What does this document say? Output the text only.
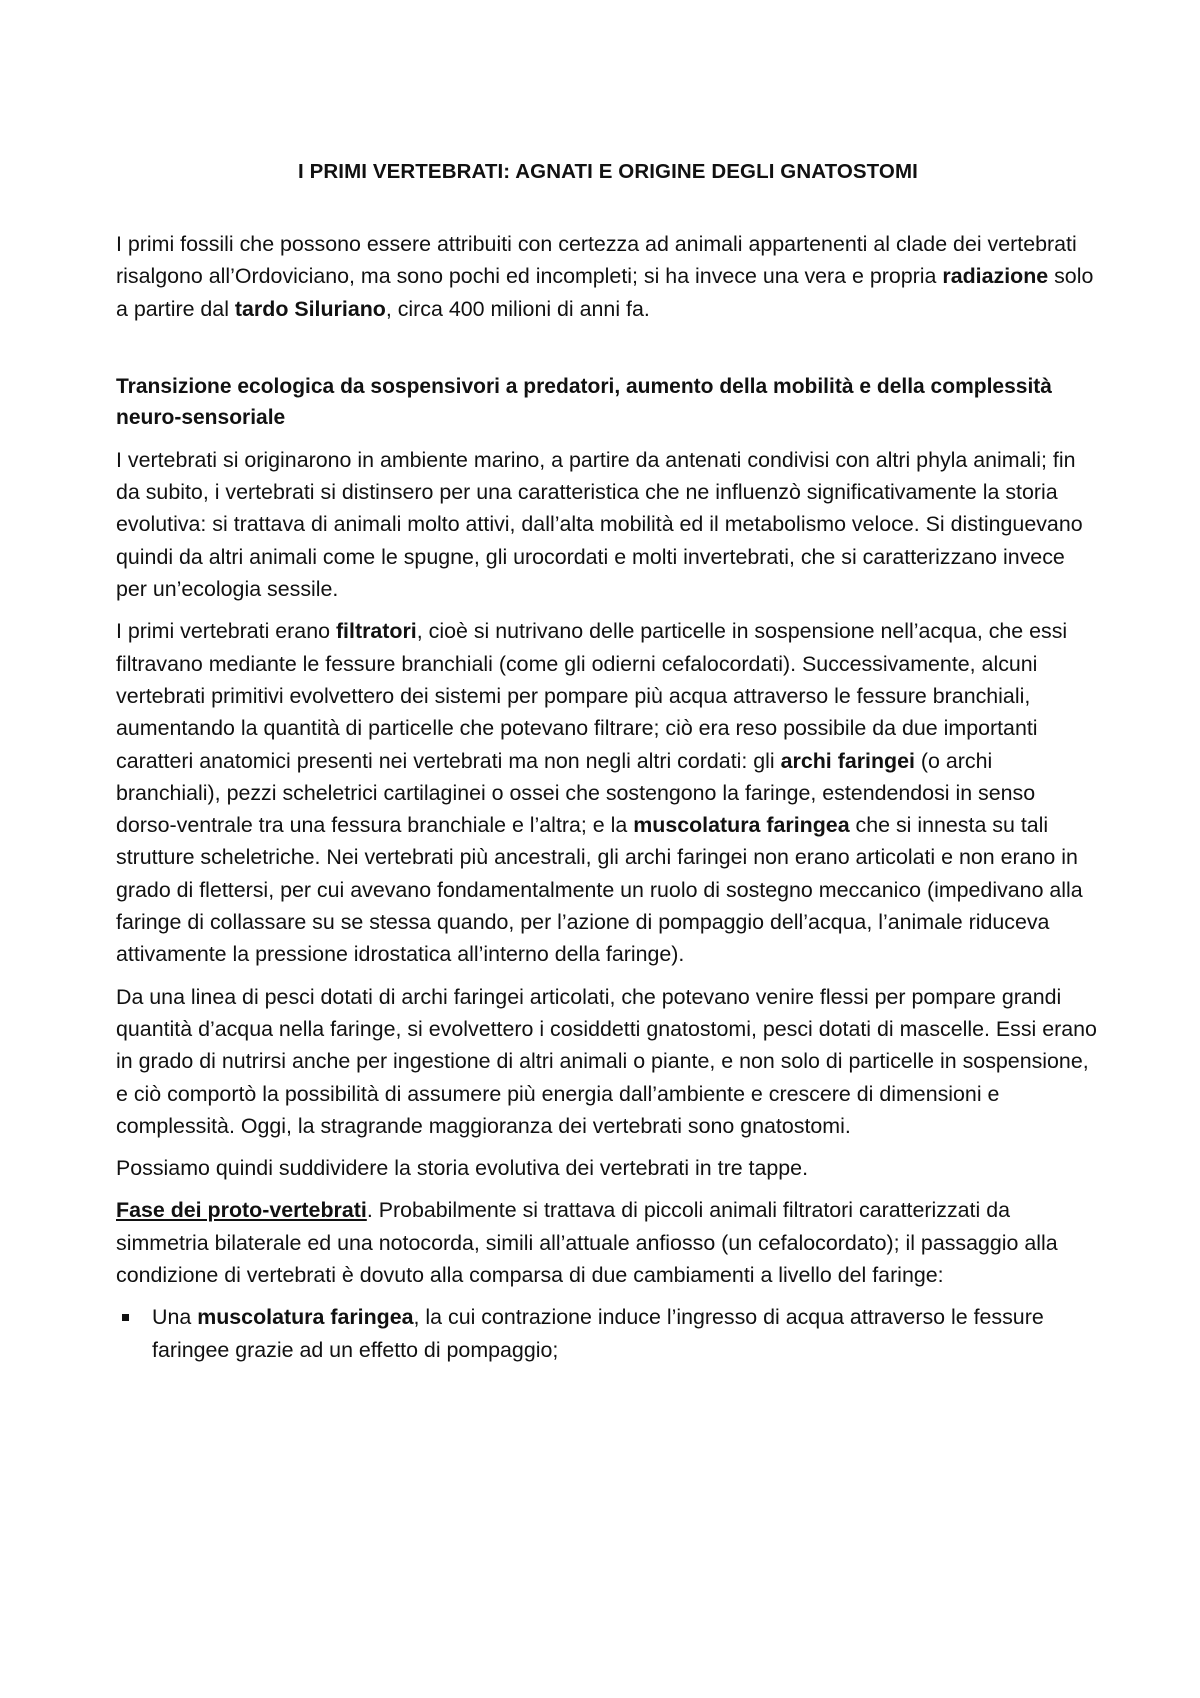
I PRIMI VERTEBRATI: AGNATI E ORIGINE DEGLI GNATOSTOMI

I primi fossili che possono essere attribuiti con certezza ad animali appartenenti al clade dei vertebrati risalgono all’Ordoviciano, ma sono pochi ed incompleti; si ha invece una vera e propria radiazione solo a partire dal tardo Siluriano, circa 400 milioni di anni fa.

Transizione ecologica da sospensivori a predatori, aumento della mobilità e della complessità neuro-sensoriale

I vertebrati si originarono in ambiente marino, a partire da antenati condivisi con altri phyla animali; fin da subito, i vertebrati si distinsero per una caratteristica che ne influenzò significativamente la storia evolutiva: si trattava di animali molto attivi, dall’alta mobilità ed il metabolismo veloce. Si distinguevano quindi da altri animali come le spugne, gli urocordati e molti invertebrati, che si caratterizzano invece per un’ecologia sessile.

I primi vertebrati erano filtratori, cioè si nutrivano delle particelle in sospensione nell’acqua, che essi filtravano mediante le fessure branchiali (come gli odierni cefalocordati). Successivamente, alcuni vertebrati primitivi evolvettero dei sistemi per pompare più acqua attraverso le fessure branchiali, aumentando la quantità di particelle che potevano filtrare; ciò era reso possibile da due importanti caratteri anatomici presenti nei vertebrati ma non negli altri cordati: gli archi faringei (o archi branchiali), pezzi scheletrici cartilaginei o ossei che sostengono la faringe, estendendosi in senso dorso-ventrale tra una fessura branchiale e l’altra; e la muscolatura faringea che si innesta su tali strutture scheletriche. Nei vertebrati più ancestrali, gli archi faringei non erano articolati e non erano in grado di flettersi, per cui avevano fondamentalmente un ruolo di sostegno meccanico (impedivano alla faringe di collassare su se stessa quando, per l’azione di pompaggio dell’acqua, l’animale riduceva attivamente la pressione idrostatica all’interno della faringe).

Da una linea di pesci dotati di archi faringei articolati, che potevano venire flessi per pompare grandi quantità d’acqua nella faringe, si evolvettero i cosiddetti gnatostomi, pesci dotati di mascelle. Essi erano in grado di nutrirsi anche per ingestione di altri animali o piante, e non solo di particelle in sospensione, e ciò comportò la possibilità di assumere più energia dall’ambiente e crescere di dimensioni e complessità. Oggi, la stragrande maggioranza dei vertebrati sono gnatostomi.

Possiamo quindi suddividere la storia evolutiva dei vertebrati in tre tappe.

Fase dei proto-vertebrati. Probabilmente si trattava di piccoli animali filtratori caratterizzati da simmetria bilaterale ed una notocorda, simili all’attuale anfiosso (un cefalocordato); il passaggio alla condizione di vertebrati è dovuto alla comparsa di due cambiamenti a livello del faringe:

Una muscolatura faringea, la cui contrazione induce l’ingresso di acqua attraverso le fessure faringee grazie ad un effetto di pompaggio;
